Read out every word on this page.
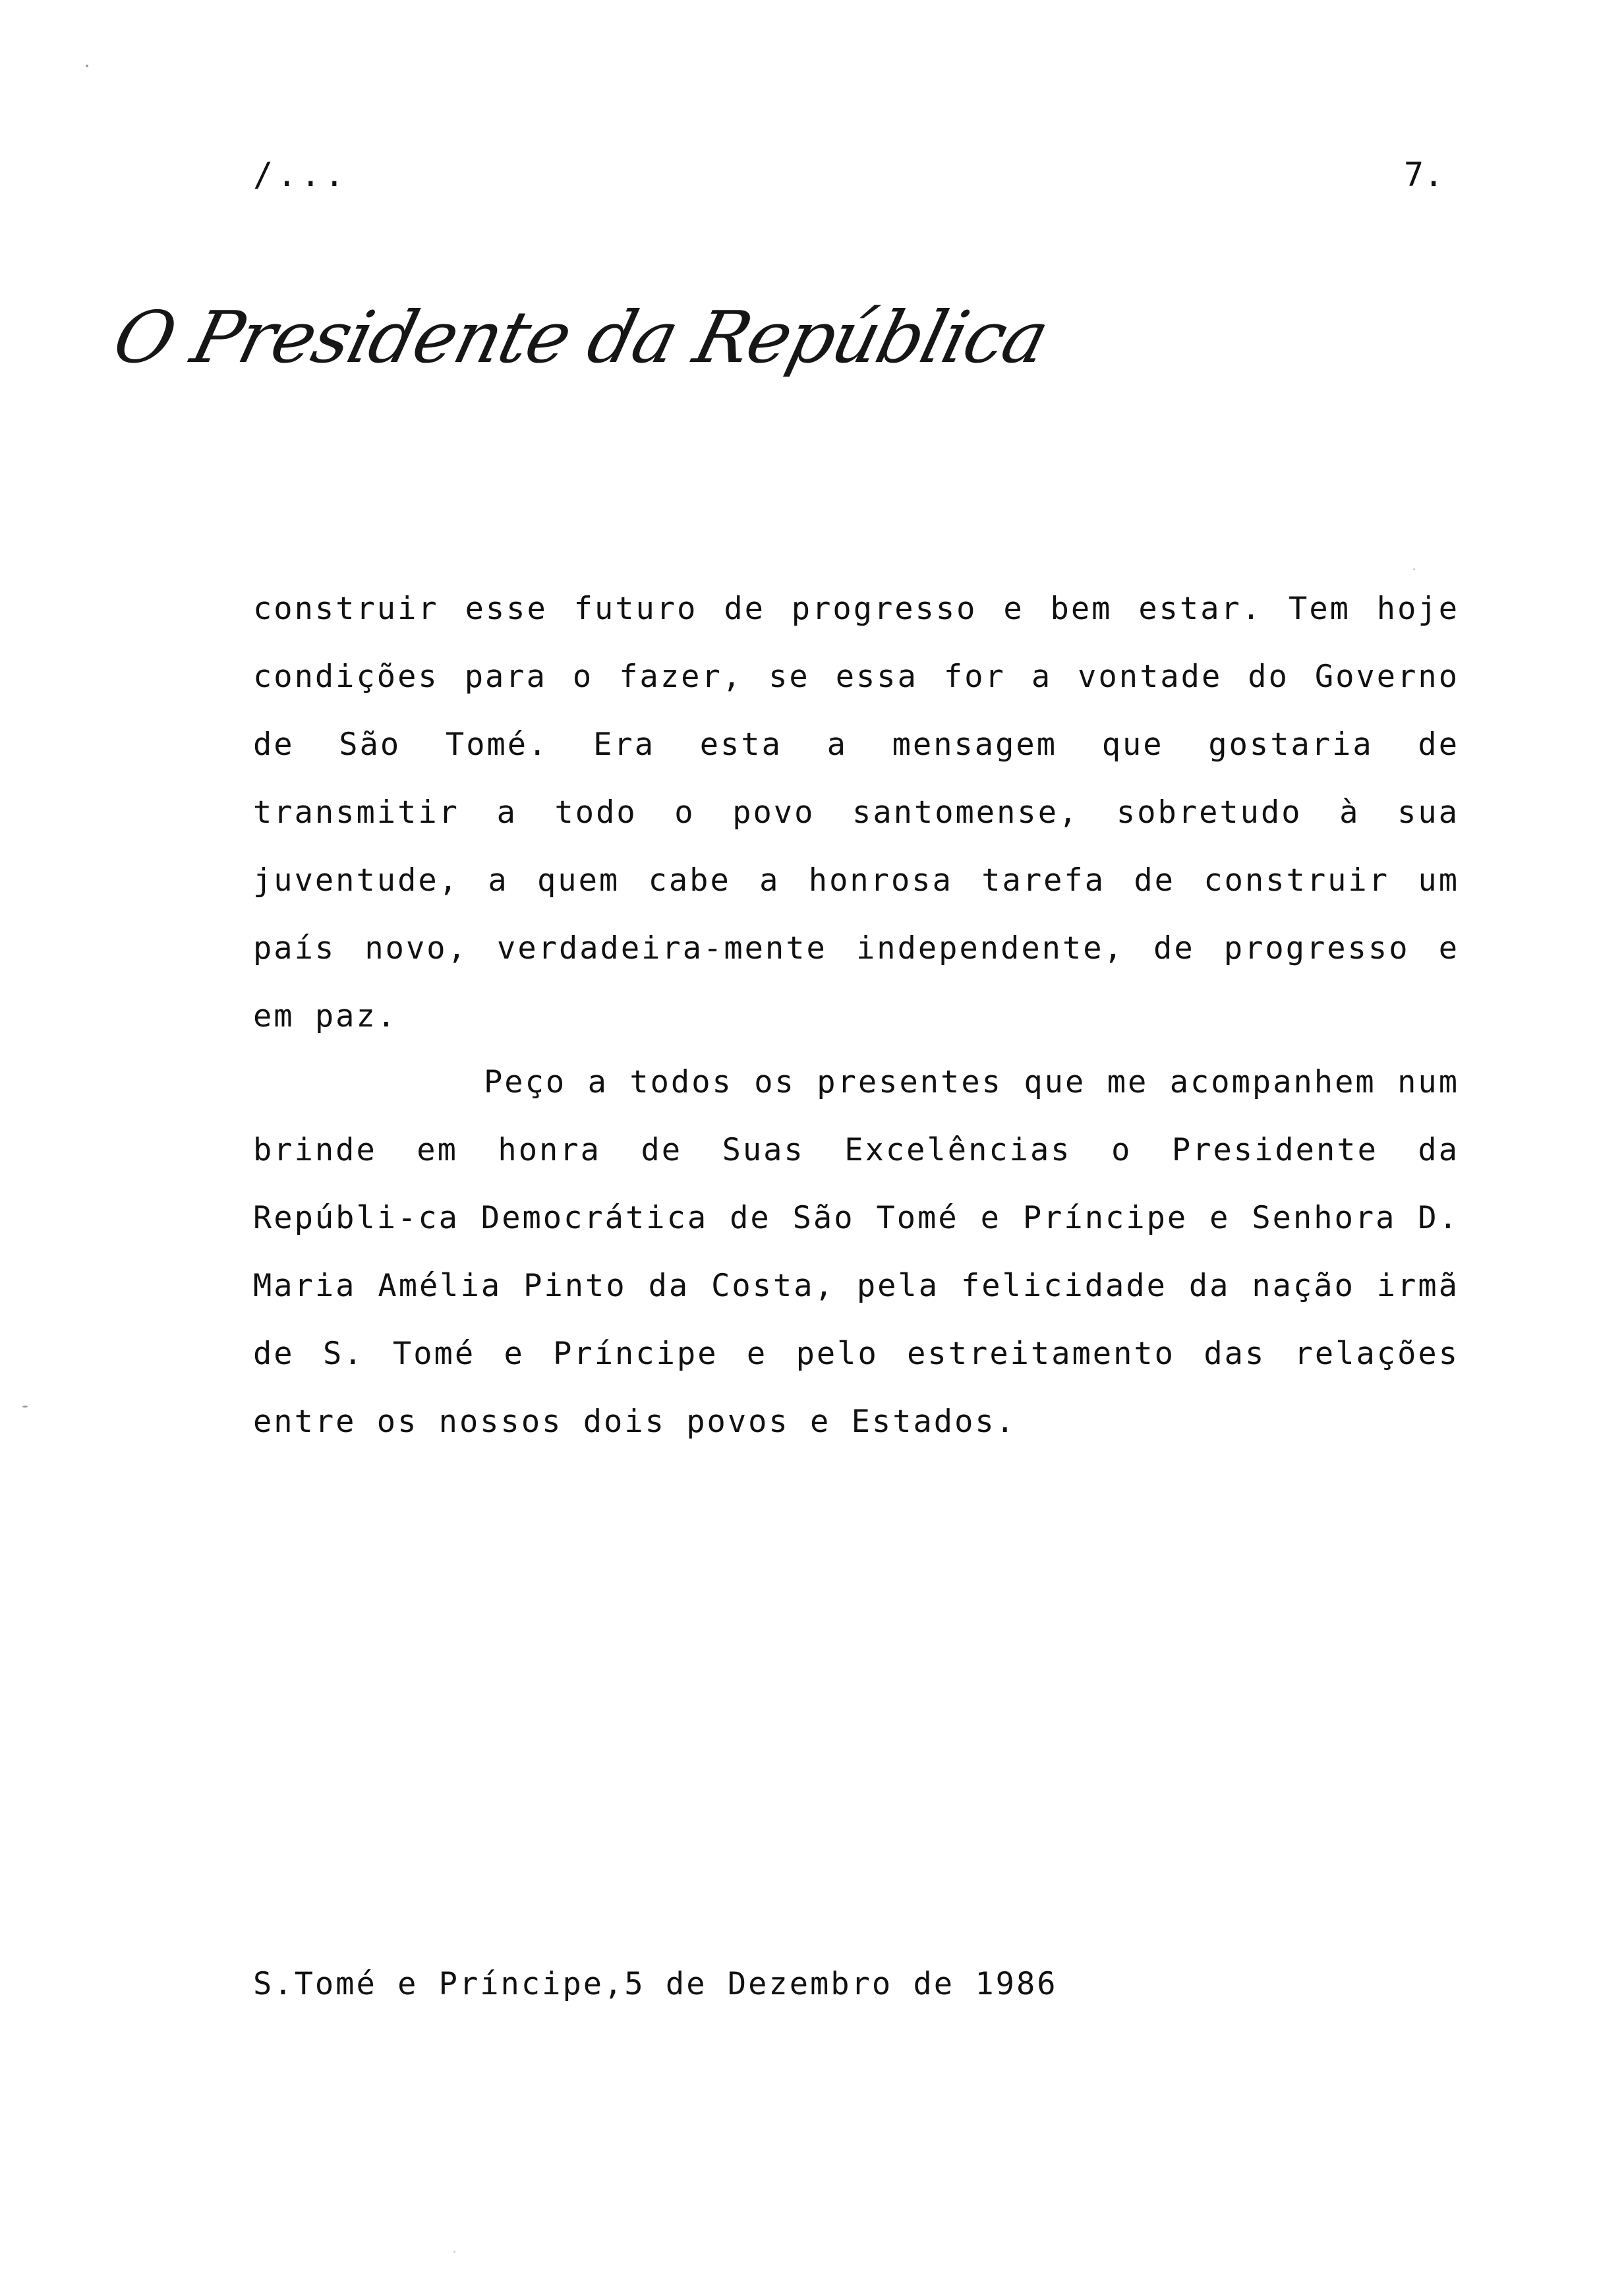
/...	7.
O Presidente da República

construir esse futuro de progresso e bem estar. Tem hoje condições para o fazer, se essa for a vontade do Governo de São Tomé. Era esta a mensagem que gostaria de transmitir a todo o povo santomense, sobretudo à sua juventude, a quem cabe a honrosa tarefa de construir um país novo, verdadeira-mente independente, de progresso e em paz.

Peço a todos os presentes que me acompanhem num brinde em honra de Suas Excelências o Presidente da Repúbli-ca Democrática de São Tomé e Príncipe e Senhora D. Maria Amélia Pinto da Costa, pela felicidade da nação irmã de S. Tomé e Príncipe e pelo estreitamento das relações entre os nossos dois povos e Estados.

S.Tomé e Príncipe,5 de Dezembro de 1986
